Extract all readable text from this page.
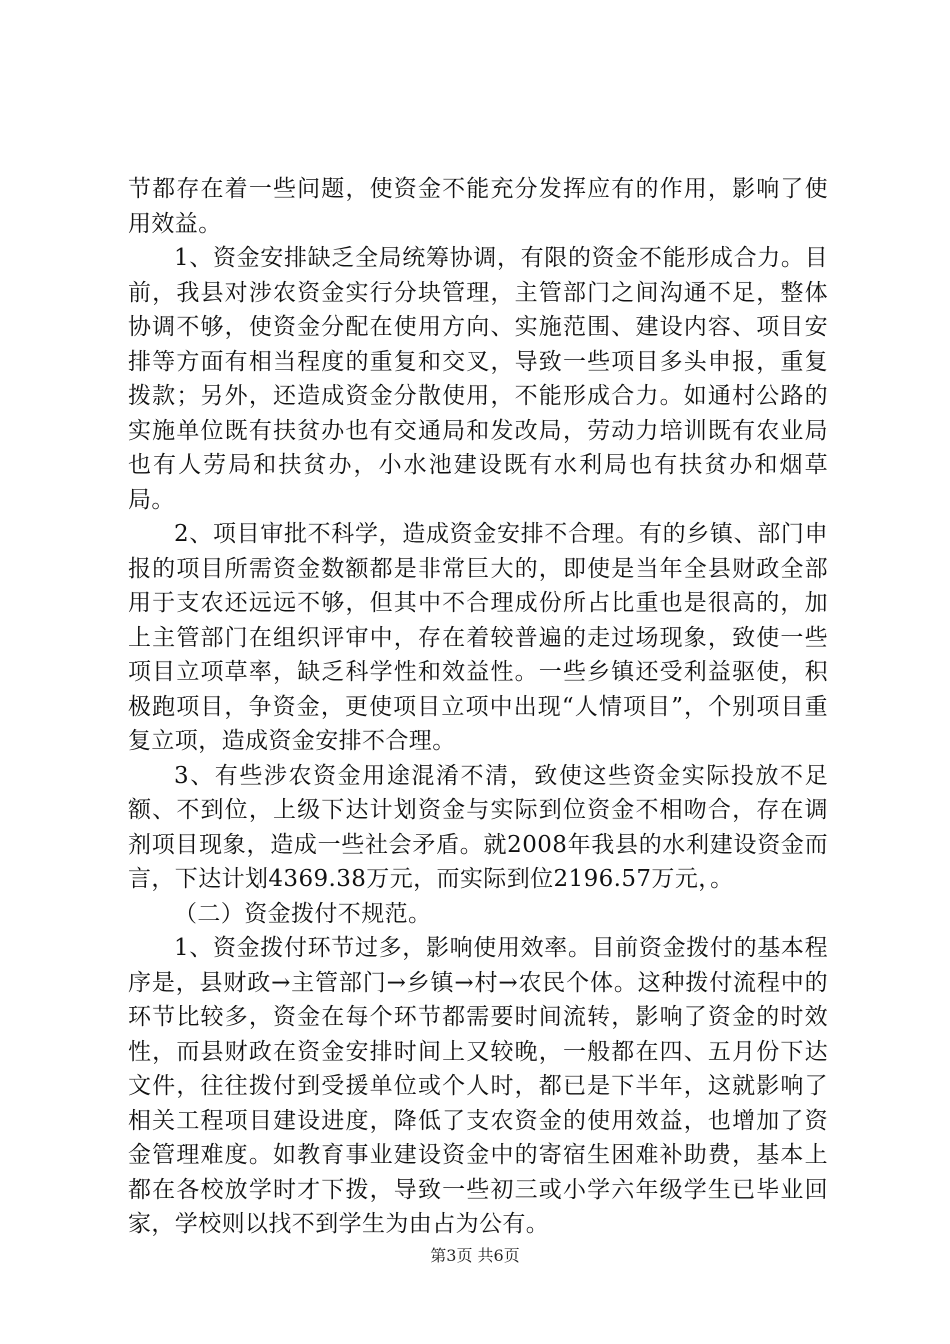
节都存在着一些问题，使资金不能充分发挥应有的作用，影响了使用效益。

1、资金安排缺乏全局统筹协调，有限的资金不能形成合力。目前，我县对涉农资金实行分块管理，主管部门之间沟通不足，整体协调不够，使资金分配在使用方向、实施范围、建设内容、项目安排等方面有相当程度的重复和交叉，导致一些项目多头申报，重复拨款；另外，还造成资金分散使用，不能形成合力。如通村公路的实施单位既有扶贫办也有交通局和发改局，劳动力培训既有农业局也有人劳局和扶贫办，小水池建设既有水利局也有扶贫办和烟草局。

2、项目审批不科学，造成资金安排不合理。有的乡镇、部门申报的项目所需资金数额都是非常巨大的，即使是当年全县财政全部用于支农还远远不够，但其中不合理成份所占比重也是很高的，加上主管部门在组织评审中，存在着较普遍的走过场现象，致使一些项目立项草率，缺乏科学性和效益性。一些乡镇还受利益驱使，积极跑项目，争资金，更使项目立项中出现“人情项目”，个别项目重复立项，造成资金安排不合理。

3、有些涉农资金用途混淆不清，致使这些资金实际投放不足额、不到位，上级下达计划资金与实际到位资金不相吻合，存在调剂项目现象，造成一些社会矛盾。就2008年我县的水利建设资金而言，下达计划4369.38万元，而实际到位2196.57万元，。

（二）资金拨付不规范。

1、资金拨付环节过多，影响使用效率。目前资金拨付的基本程序是，县财政→主管部门→乡镇→村→农民个体。这种拨付流程中的环节比较多，资金在每个环节都需要时间流转，影响了资金的时效性，而县财政在资金安排时间上又较晚，一般都在四、五月份下达文件，往往拨付到受援单位或个人时，都已是下半年，这就影响了相关工程项目建设进度，降低了支农资金的使用效益，也增加了资金管理难度。如教育事业建设资金中的寄宿生困难补助费，基本上都在各校放学时才下拨，导致一些初三或小学六年级学生已毕业回家，学校则以找不到学生为由占为公有。

第3页 共6页
